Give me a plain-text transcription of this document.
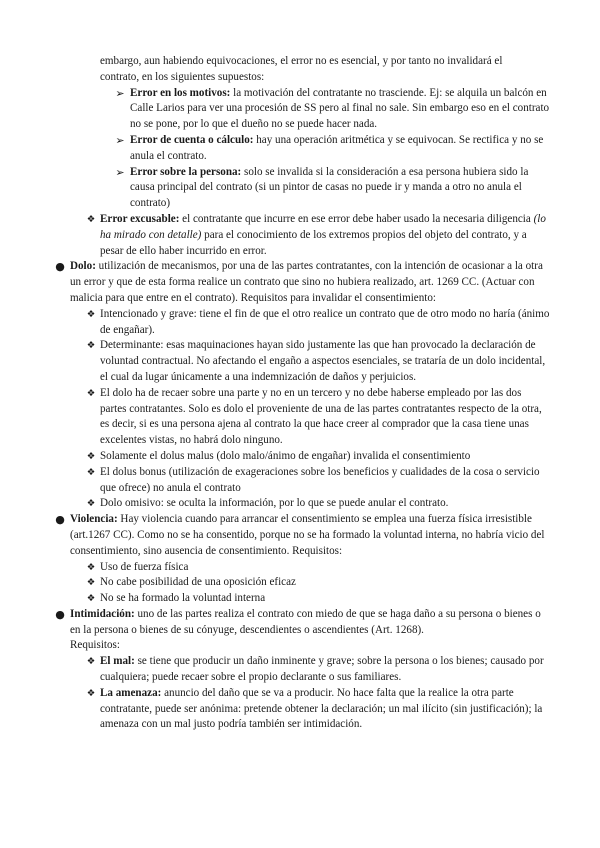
embargo, aun habiendo equivocaciones, el error no es esencial, y por tanto no invalidará el
contrato, en los siguientes supuestos:

➢ Error en los motivos: la motivación del contratante no trasciende. Ej: se alquila un balcón en Calle Larios para ver una procesión de SS pero al final no sale. Sin embargo eso en el contrato no se pone, por lo que el dueño no se puede hacer nada.

➢ Error de cuenta o cálculo: hay una operación aritmética y se equivocan. Se rectifica y no se anula el contrato.

➢ Error sobre la persona: solo se invalida si la consideración a esa persona hubiera sido la causa principal del contrato (si un pintor de casas no puede ir y manda a otro no anula el contrato)

❖ Error excusable: el contratante que incurre en ese error debe haber usado la necesaria diligencia (lo ha mirado con detalle) para el conocimiento de los extremos propios del objeto del contrato, y a pesar de ello haber incurrido en error.

● Dolo: utilización de mecanismos, por una de las partes contratantes, con la intención de ocasionar a la otra un error y que de esta forma realice un contrato que sino no hubiera realizado, art. 1269 CC. (Actuar con malicia para que entre en el contrato). Requisitos para invalidar el consentimiento:

❖ Intencionado y grave: tiene el fin de que el otro realice un contrato que de otro modo no haría (ánimo de engañar).

❖ Determinante: esas maquinaciones hayan sido justamente las que han provocado la declaración de voluntad contractual. No afectando el engaño a aspectos esenciales, se trataría de un dolo incidental, el cual da lugar únicamente a una indemnización de daños y perjuicios.

❖ El dolo ha de recaer sobre una parte y no en un tercero y no debe haberse empleado por las dos partes contratantes. Solo es dolo el proveniente de una de las partes contratantes respecto de la otra, es decir, si es una persona ajena al contrato la que hace creer al comprador que la casa tiene unas excelentes vistas, no habrá dolo ninguno.

❖ Solamente el dolus malus (dolo malo/ánimo de engañar) invalida el consentimiento

❖ El dolus bonus (utilización de exageraciones sobre los beneficios y cualidades de la cosa o servicio que ofrece) no anula el contrato

❖ Dolo omisivo: se oculta la información, por lo que se puede anular el contrato.

● Violencia: Hay violencia cuando para arrancar el consentimiento se emplea una fuerza física irresistible (art.1267 CC). Como no se ha consentido, porque no se ha formado la voluntad interna, no habría vicio del consentimiento, sino ausencia de consentimiento. Requisitos:

❖ Uso de fuerza física

❖ No cabe posibilidad de una oposición eficaz

❖ No se ha formado la voluntad interna

● Intimidación: uno de las partes realiza el contrato con miedo de que se haga daño a su persona o bienes o en la persona o bienes de su cónyuge, descendientes o ascendientes (Art. 1268).
Requisitos:

❖ El mal: se tiene que producir un daño inminente y grave; sobre la persona o los bienes; causado por cualquiera; puede recaer sobre el propio declarante o sus familiares.

❖ La amenaza: anuncio del daño que se va a producir. No hace falta que la realice la otra parte contratante, puede ser anónima: pretende obtener la declaración; un mal ilícito (sin justificación); la amenaza con un mal justo podría también ser intimidación.
